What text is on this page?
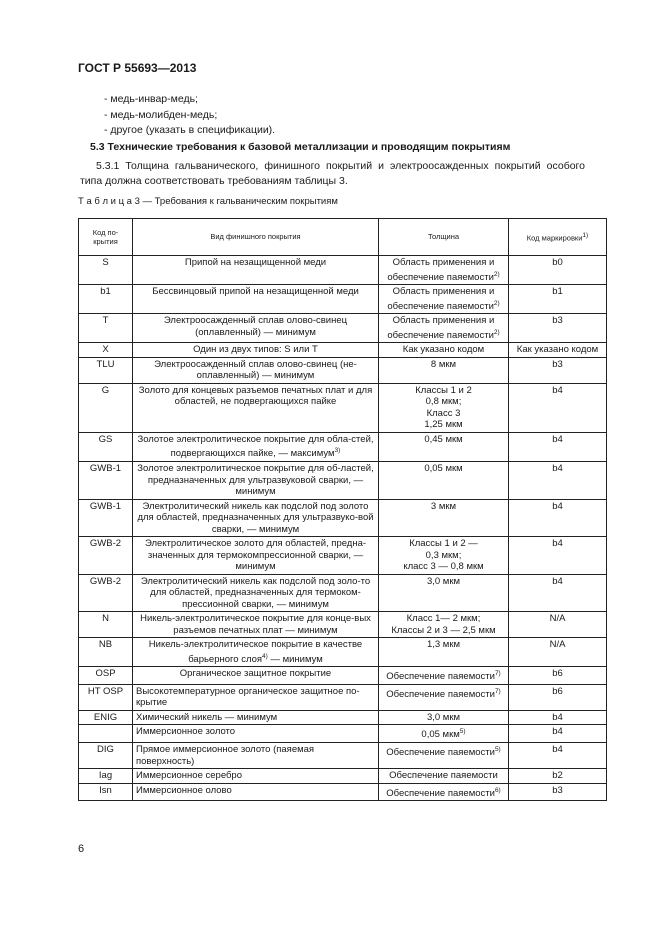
ГОСТ Р 55693—2013
- медь-инвар-медь;
- медь-молибден-медь;
- другое (указать в спецификации).
5.3 Технические требования к базовой металлизации и проводящим покрытиям
5.3.1 Толщина гальванического, финишного покрытий и электроосажденных покрытий особого типа должна соответствовать требованиям таблицы 3.
Т а б л и ц а 3 — Требования к гальваническим покрытиям
Код по-крытия	Вид финишного покрытия	Толщина	Код маркировки$^{1)}$
S	Припой на незащищенной меди	Область применения и обеспечение паяемости$^{2)}$	b0
b1	Бессвинцовый припой на незащищенной меди	Область применения и обеспечение паяемости$^{2)}$	b1
T	Электроосажденный сплав олово-свинец (оплавленный) — минимум	Область применения и обеспечение паяемости$^{2)}$	b3
X	Один из двух типов: S или T	Как указано кодом	Как указано кодом
TLU	Электроосажденный сплав олово-свинец (не-оплавленный) — минимум	8 мкм	b3
G	Золото для концевых разъемов печатных плат и для областей, не подвергающихся пайке	Классы 1 и 2
0,8 мкм;
Класс 3
1,25 мкм	b4
GS	Золотое электролитическое покрытие для обла-стей, подвергающихся пайке, — максимум$^{3)}$	0,45 мкм	b4
GWB-1	Золотое электролитическое покрытие для об-ластей, предназначенных для ультразвуковой сварки, — минимум	0,05 мкм	b4
GWB-1	Электролитический никель как подслой под золото для областей, предназначенных для ультразвуко-вой сварки, — минимум	3 мкм	b4
GWB-2	Электролитическое золото для областей, предна-значенных для термокомпрессионной сварки, — минимум	Классы 1 и 2 —
0,3 мкм;
класс 3 — 0,8 мкм	b4
GWB-2	Электролитический никель как подслой под золо-то для областей, предназначенных для термоком-прессионной сварки, — минимум	3,0 мкм	b4
N	Никель-электролитическое покрытие для конце-вых разъемов печатных плат — минимум	Класс 1— 2 мкм;
Классы 2 и 3 — 2,5 мкм	N/A
NB	Никель-электролитическое покрытие в качестве барьерного слоя$^{4)}$ — минимум	1,3 мкм	N/A
OSP	Органическое защитное покрытие	Обеспечение паяемости$^{7)}$	b6
HT OSP	Высокотемпературное органическое защитное по-крытие	Обеспечение паяемости$^{7)}$	b6
ENIG	Химический никель — минимум	3,0 мкм	b4
	Иммерсионное золото	0,05 мкм$^{5)}$	b4
DIG	Прямое иммерсионное золото (паяемая поверхность)	Обеспечение паяемости$^{5)}$	b4
Iag	Иммерсионное серебро	Обеспечение паяемости	b2
Isn	Иммерсионное олово	Обеспечение паяемости$^{6)}$	b3
6
